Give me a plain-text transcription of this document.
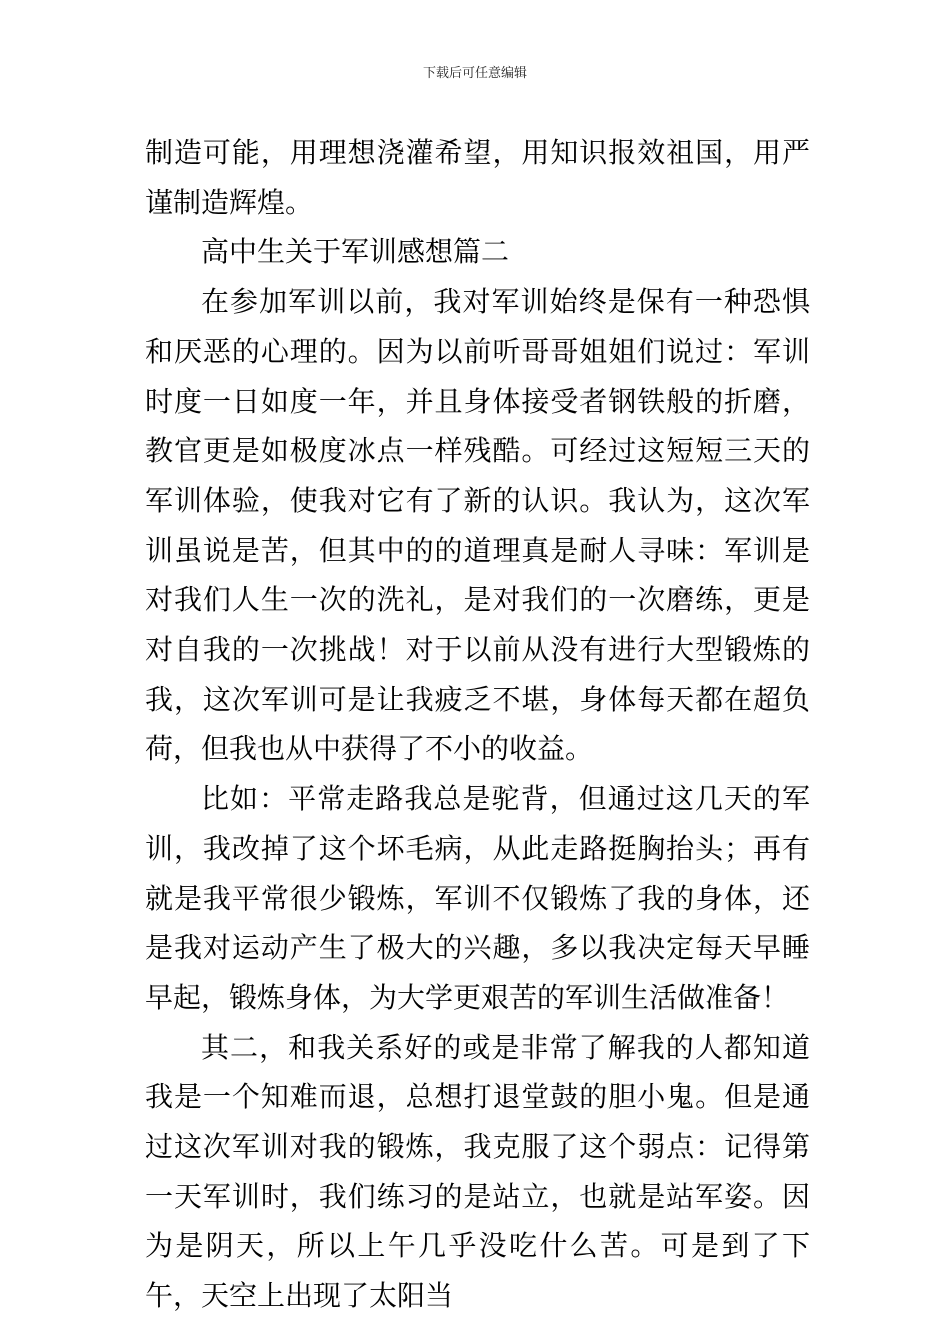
下载后可任意编辑

制造可能，用理想浇灌希望，用知识报效祖国，用严谨制造辉煌。

高中生关于军训感想篇二

在参加军训以前，我对军训始终是保有一种恐惧和厌恶的心理的。因为以前听哥哥姐姐们说过：军训时度一日如度一年，并且身体接受者钢铁般的折磨，教官更是如极度冰点一样残酷。可经过这短短三天的军训体验，使我对它有了新的认识。我认为，这次军训虽说是苦，但其中的的道理真是耐人寻味：军训是对我们人生一次的洗礼，是对我们的一次磨练，更是对自我的一次挑战！对于以前从没有进行大型锻炼的我，这次军训可是让我疲乏不堪，身体每天都在超负荷，但我也从中获得了不小的收益。

比如：平常走路我总是驼背，但通过这几天的军训，我改掉了这个坏毛病，从此走路挺胸抬头；再有就是我平常很少锻炼，军训不仅锻炼了我的身体，还是我对运动产生了极大的兴趣，多以我决定每天早睡早起，锻炼身体，为大学更艰苦的军训生活做准备！

其二，和我关系好的或是非常了解我的人都知道我是一个知难而退，总想打退堂鼓的胆小鬼。但是通过这次军训对我的锻炼，我克服了这个弱点：记得第一天军训时，我们练习的是站立，也就是站军姿。因为是阴天，所以上午几乎没吃什么苦。可是到了下午，天空上出现了太阳当
